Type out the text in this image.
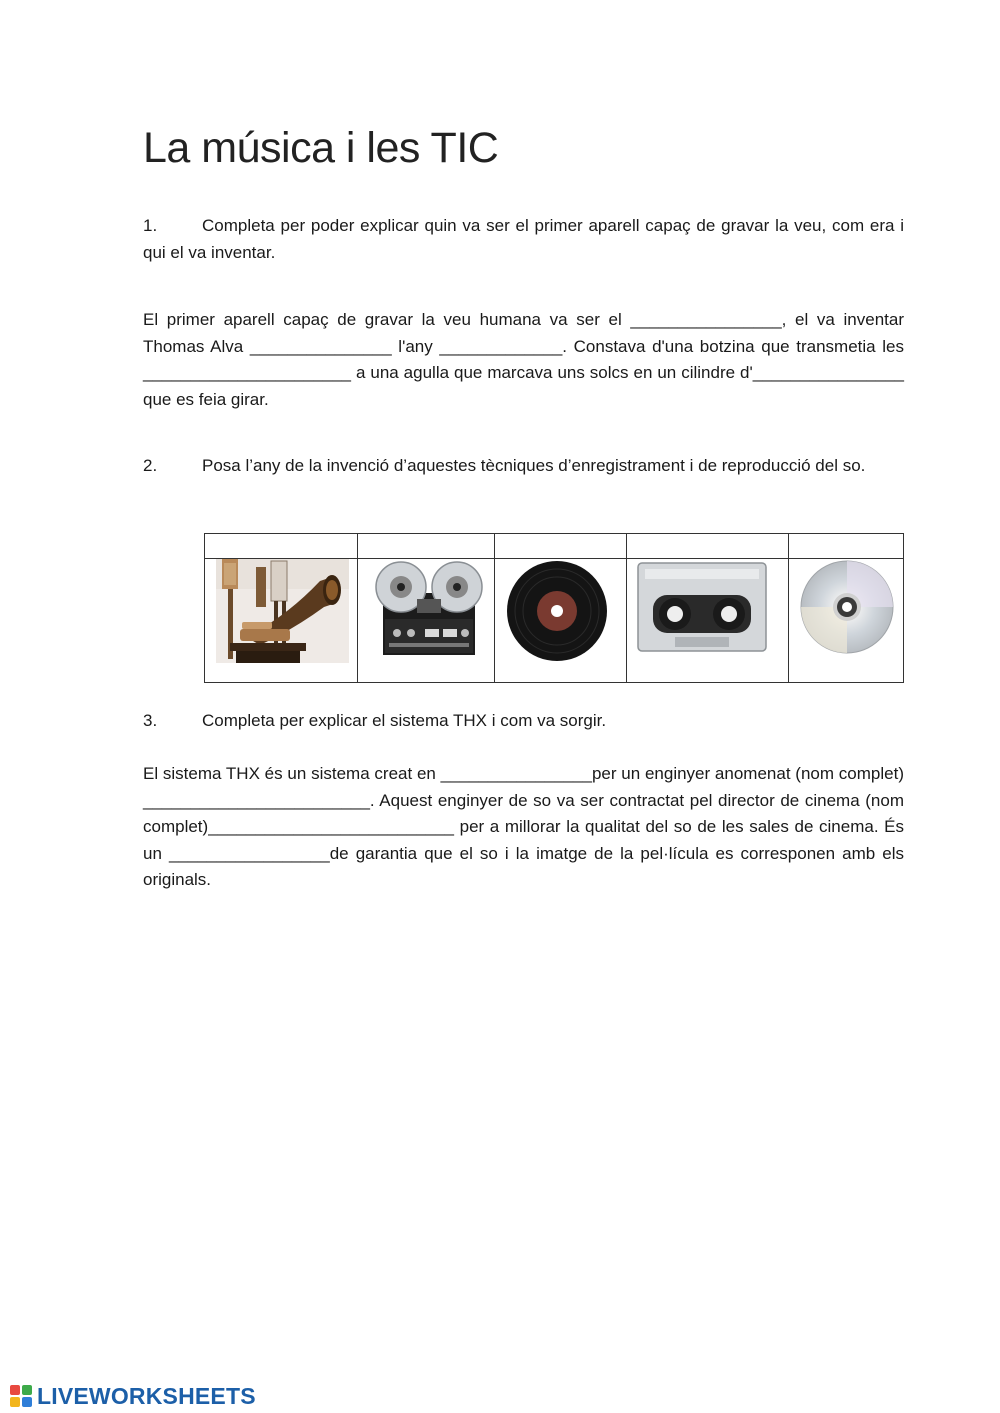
La música i les TIC

1.	Completa per poder explicar quin va ser el primer aparell capaç de gravar la veu, com era i qui el va inventar.

El primer aparell capaç de gravar la veu humana va ser el ________________, el va inventar Thomas Alva _______________ l'any _____________. Constava d'una botzina que transmetia les ______________________ a una agulla que marcava uns solcs en un cilindre d'________________ que es feia girar.

2.	Posa l’any de la invenció d’aquestes tècniques d’enregistrament i de reproducció del so.

3.	Completa per explicar el sistema THX i com va sorgir.

El sistema THX és un sistema creat en ________________per un enginyer anomenat (nom complet) ________________________. Aquest enginyer de so va ser contractat pel director de cinema (nom complet)__________________________ per a millorar la qualitat del so de les sales de cinema. És un _________________de garantia que el so i la imatge de la pel·lícula es corresponen amb els originals.

LIVEWORKSHEETS
